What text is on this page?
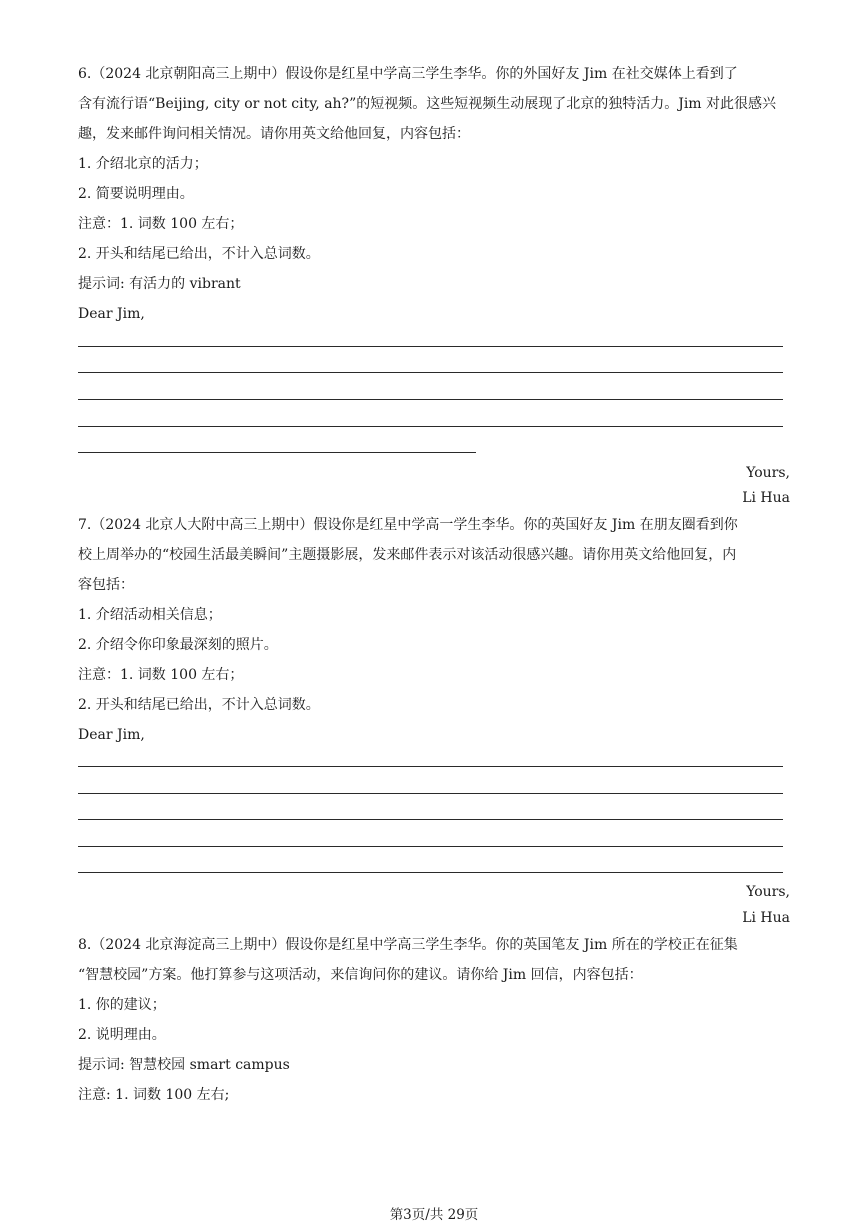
6.（2024 北京朝阳高三上期中）假设你是红星中学高三学生李华。你的外国好友 Jim 在社交媒体上看到了
含有流行语“Beijing, city or not city, ah?”的短视频。这些短视频生动展现了北京的独特活力。Jim 对此很感兴
趣，发来邮件询问相关情况。请你用英文给他回复，内容包括：
1. 介绍北京的活力；
2. 简要说明理由。
注意：1. 词数 100 左右；
2. 开头和结尾已给出，不计入总词数。
提示词: 有活力的 vibrant
Dear Jim,
Yours,
Li Hua
7.（2024 北京人大附中高三上期中）假设你是红星中学高一学生李华。你的英国好友 Jim 在朋友圈看到你
校上周举办的“校园生活最美瞬间”主题摄影展，发来邮件表示对该活动很感兴趣。请你用英文给他回复，内
容包括：
1. 介绍活动相关信息；
2. 介绍令你印象最深刻的照片。
注意：1. 词数 100 左右；
2. 开头和结尾已给出，不计入总词数。
Dear Jim,
Yours,
Li Hua
8.（2024 北京海淀高三上期中）假设你是红星中学高三学生李华。你的英国笔友 Jim 所在的学校正在征集
“智慧校园”方案。他打算参与这项活动，来信询问你的建议。请你给 Jim 回信，内容包括：
1. 你的建议；
2. 说明理由。
提示词: 智慧校园 smart campus
注意: 1. 词数 100 左右;
第3页/共 29页
